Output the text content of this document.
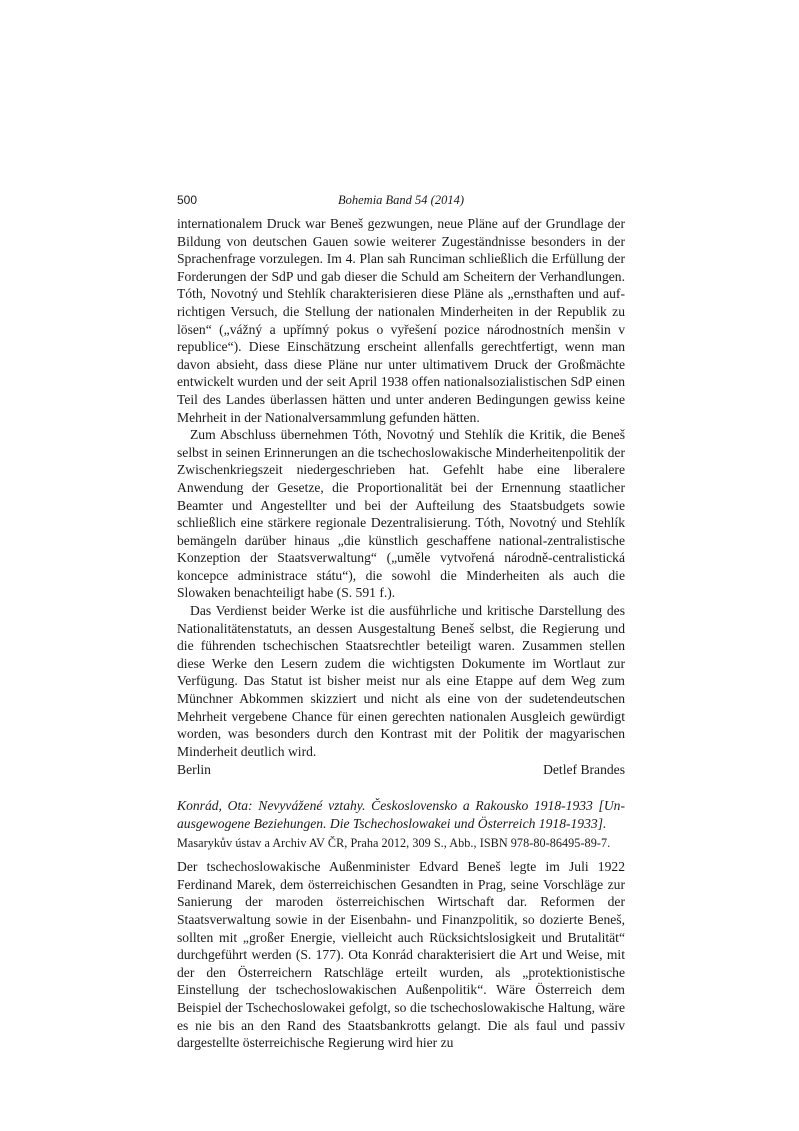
500	Bohemia Band 54 (2014)

internationalem Druck war Beneš gezwungen, neue Pläne auf der Grundlage der Bildung von deutschen Gauen sowie weiterer Zugeständnisse besonders in der Sprachenfrage vorzulegen. Im 4. Plan sah Runciman schließlich die Erfüllung der Forderungen der SdP und gab dieser die Schuld am Scheitern der Verhandlungen. Tóth, Novotný und Stehlík charakterisieren diese Pläne als „ernsthaften und aufrichtigen Versuch, die Stellung der nationalen Minderheiten in der Republik zu lösen“ („vážný a upřímný pokus o vyřešení pozice národnostních menšin v republice“). Diese Einschätzung erscheint allenfalls gerechtfertigt, wenn man davon absieht, dass diese Pläne nur unter ultimativem Druck der Großmächte entwickelt wurden und der seit April 1938 offen nationalsozialistischen SdP einen Teil des Landes überlassen hätten und unter anderen Bedingungen gewiss keine Mehrheit in der Nationalversammlung gefunden hätten.

Zum Abschluss übernehmen Tóth, Novotný und Stehlík die Kritik, die Beneš selbst in seinen Erinnerungen an die tschechoslowakische Minderheitenpolitik der Zwischenkriegszeit niedergeschrieben hat. Gefehlt habe eine liberalere Anwendung der Gesetze, die Proportionalität bei der Ernennung staatlicher Beamter und Angestellter und bei der Aufteilung des Staatsbudgets sowie schließlich eine stärkere regionale Dezentralisierung. Tóth, Novotný und Stehlík bemängeln darüber hinaus „die künstlich geschaffene national-zentralistische Konzeption der Staatsverwaltung“ („uměle vytvořená národně-centralistická koncepce administrace státu“), die sowohl die Minderheiten als auch die Slowaken benachteiligt habe (S. 591 f.).

Das Verdienst beider Werke ist die ausführliche und kritische Darstellung des Nationalitätenstatuts, an dessen Ausgestaltung Beneš selbst, die Regierung und die führenden tschechischen Staatsrechtler beteiligt waren. Zusammen stellen diese Werke den Lesern zudem die wichtigsten Dokumente im Wortlaut zur Verfügung. Das Statut ist bisher meist nur als eine Etappe auf dem Weg zum Münchner Abkommen skizziert und nicht als eine von der sudetendeutschen Mehrheit vergebene Chance für einen gerechten nationalen Ausgleich gewürdigt worden, was besonders durch den Kontrast mit der Politik der magyarischen Minderheit deutlich wird.

Berlin	Detlef Brandes
Konrád, Ota: Nevyvážené vztahy. Československo a Rakousko 1918-1933 [Unausgewogene Beziehungen. Die Tschechoslowakei und Österreich 1918-1933].
Masarykův ústav a Archiv AV ČR, Praha 2012, 309 S., Abb., ISBN 978-80-86495-89-7.

Der tschechoslowakische Außenminister Edvard Beneš legte im Juli 1922 Ferdinand Marek, dem österreichischen Gesandten in Prag, seine Vorschläge zur Sanierung der maroden österreichischen Wirtschaft dar. Reformen der Staatsverwaltung sowie in der Eisenbahn- und Finanzpolitik, so dozierte Beneš, sollten mit „großer Energie, vielleicht auch Rücksichtslosigkeit und Brutalität“ durchgeführt werden (S. 177). Ota Konrád charakterisiert die Art und Weise, mit der den Österreichern Ratschläge erteilt wurden, als „protektionistische Einstellung der tschechoslowakischen Außenpolitik“. Wäre Österreich dem Beispiel der Tschechoslowakei gefolgt, so die tschechoslowakische Haltung, wäre es nie bis an den Rand des Staatsbankrotts gelangt. Die als faul und passiv dargestellte österreichische Regierung wird hier zu
